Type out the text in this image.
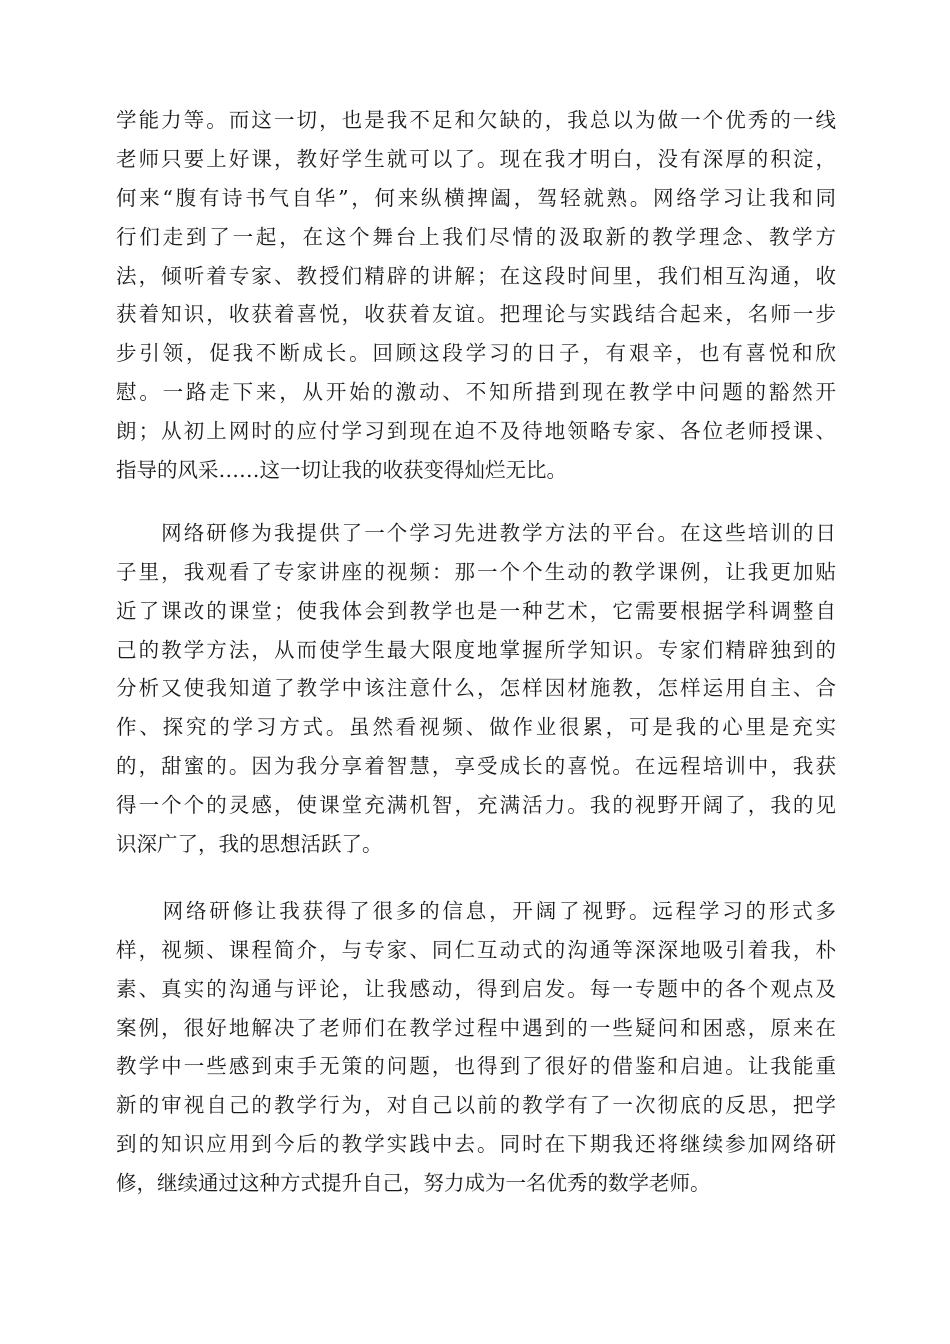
学能力等。而这一切，也是我不足和欠缺的，我总以为做一个优秀的一线
老师只要上好课，教好学生就可以了。现在我才明白，没有深厚的积淀，
何来“腹有诗书气自华”，何来纵横捭阖，驾轻就熟。网络学习让我和同
行们走到了一起，在这个舞台上我们尽情的汲取新的教学理念、教学方
法，倾听着专家、教授们精辟的讲解；在这段时间里，我们相互沟通，收
获着知识，收获着喜悦，收获着友谊。把理论与实践结合起来，名师一步
步引领，促我不断成长。回顾这段学习的日子，有艰辛，也有喜悦和欣
慰。一路走下来，从开始的激动、不知所措到现在教学中问题的豁然开
朗；从初上网时的应付学习到现在迫不及待地领略专家、各位老师授课、
指导的风采……这一切让我的收获变得灿烂无比。
　　网络研修为我提供了一个学习先进教学方法的平台。在这些培训的日
子里，我观看了专家讲座的视频：那一个个生动的教学课例，让我更加贴
近了课改的课堂；使我体会到教学也是一种艺术，它需要根据学科调整自
己的教学方法，从而使学生最大限度地掌握所学知识。专家们精辟独到的
分析又使我知道了教学中该注意什么，怎样因材施教，怎样运用自主、合
作、探究的学习方式。虽然看视频、做作业很累，可是我的心里是充实
的，甜蜜的。因为我分享着智慧，享受成长的喜悦。在远程培训中，我获
得一个个的灵感，使课堂充满机智，充满活力。我的视野开阔了，我的见
识深广了，我的思想活跃了。
　　网络研修让我获得了很多的信息，开阔了视野。远程学习的形式多
样，视频、课程简介，与专家、同仁互动式的沟通等深深地吸引着我，朴
素、真实的沟通与评论，让我感动，得到启发。每一专题中的各个观点及
案例，很好地解决了老师们在教学过程中遇到的一些疑问和困惑，原来在
教学中一些感到束手无策的问题，也得到了很好的借鉴和启迪。让我能重
新的审视自己的教学行为，对自己以前的教学有了一次彻底的反思，把学
到的知识应用到今后的教学实践中去。同时在下期我还将继续参加网络研
修，继续通过这种方式提升自己，努力成为一名优秀的数学老师。
